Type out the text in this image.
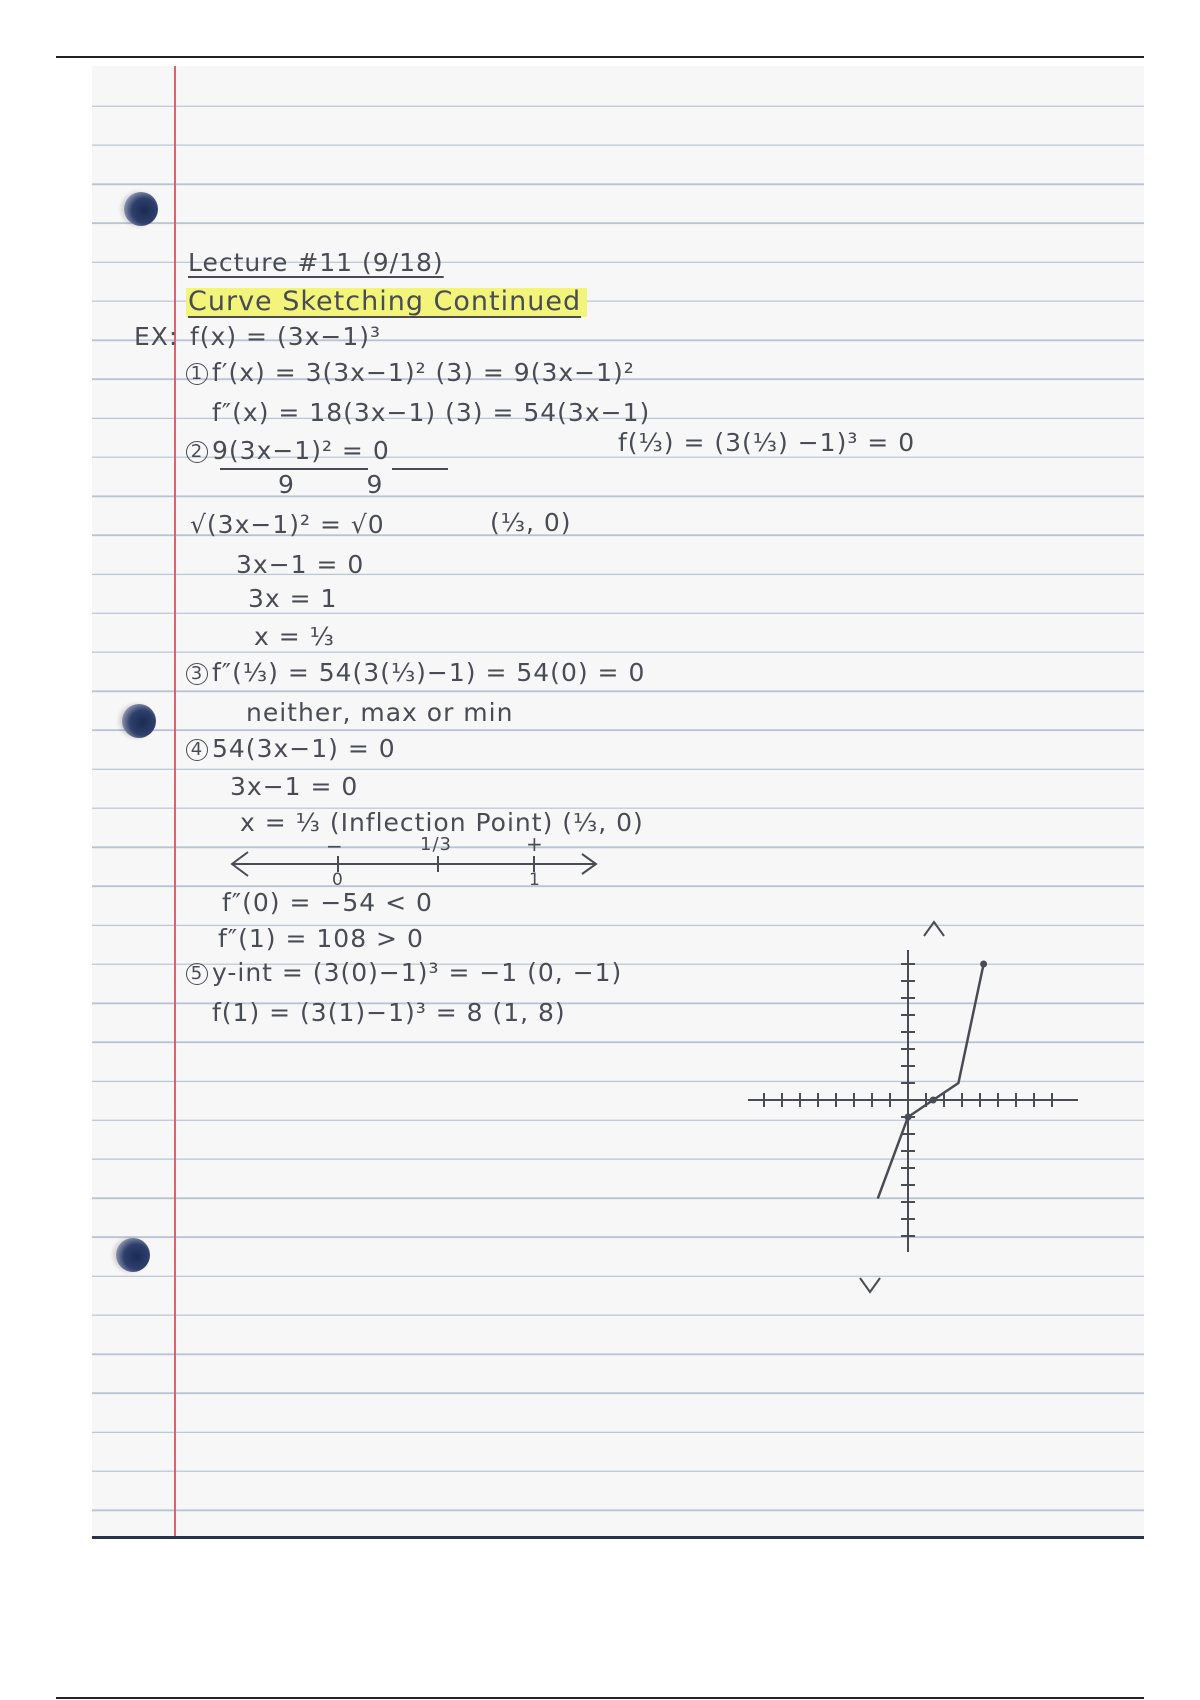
Lecture #11 (9/18)

Curve Sketching Continued

EX: f(x) = (3x−1)³

1 f′(x) = 3(3x−1)² (3) = 9(3x−1)²

f″(x) = 18(3x−1) (3) = 54(3x−1)

2 9(3x−1)² = 0

9        9

f(⅓) = (3(⅓) −1)³ = 0

√(3x−1)² = √0	(⅓, 0)

3x−1 = 0

3x = 1

x = ⅓

3 f″(⅓) = 54(3(⅓)−1) = 54(0) = 0

neither, max or min

4 54(3x−1) = 0

3x−1 = 0

x = ⅓ (Inflection Point) (⅓, 0)

−	1/3	+

0	1

f″(0) = −54 < 0

f″(1) = 108 > 0

5 y-int = (3(0)−1)³ = −1 (0, −1)

f(1) = (3(1)−1)³ = 8 (1, 8)
